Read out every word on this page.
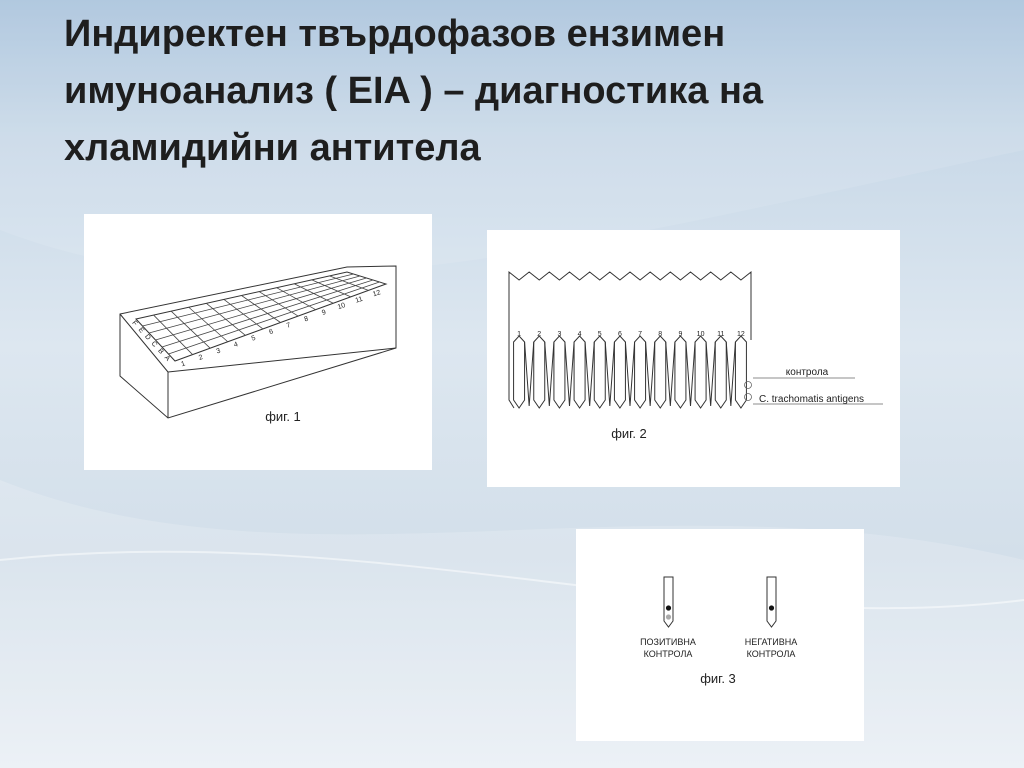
Индиректен твърдофазов ензимен имуноанализ ( EIA ) – диагностика на хламидийни антитела
1
2
3
4
5
6
7
8
9
10
11
12
A
B
C
D
E
F
фиг. 1
1 2 3 4 5 6 7 8 9 10 11 12
контрола
C. trachomatis antigens
фиг. 2
ПОЗИТИВНА
КОНТРОЛА
НЕГАТИВНА
КОНТРОЛА
фиг. 3
